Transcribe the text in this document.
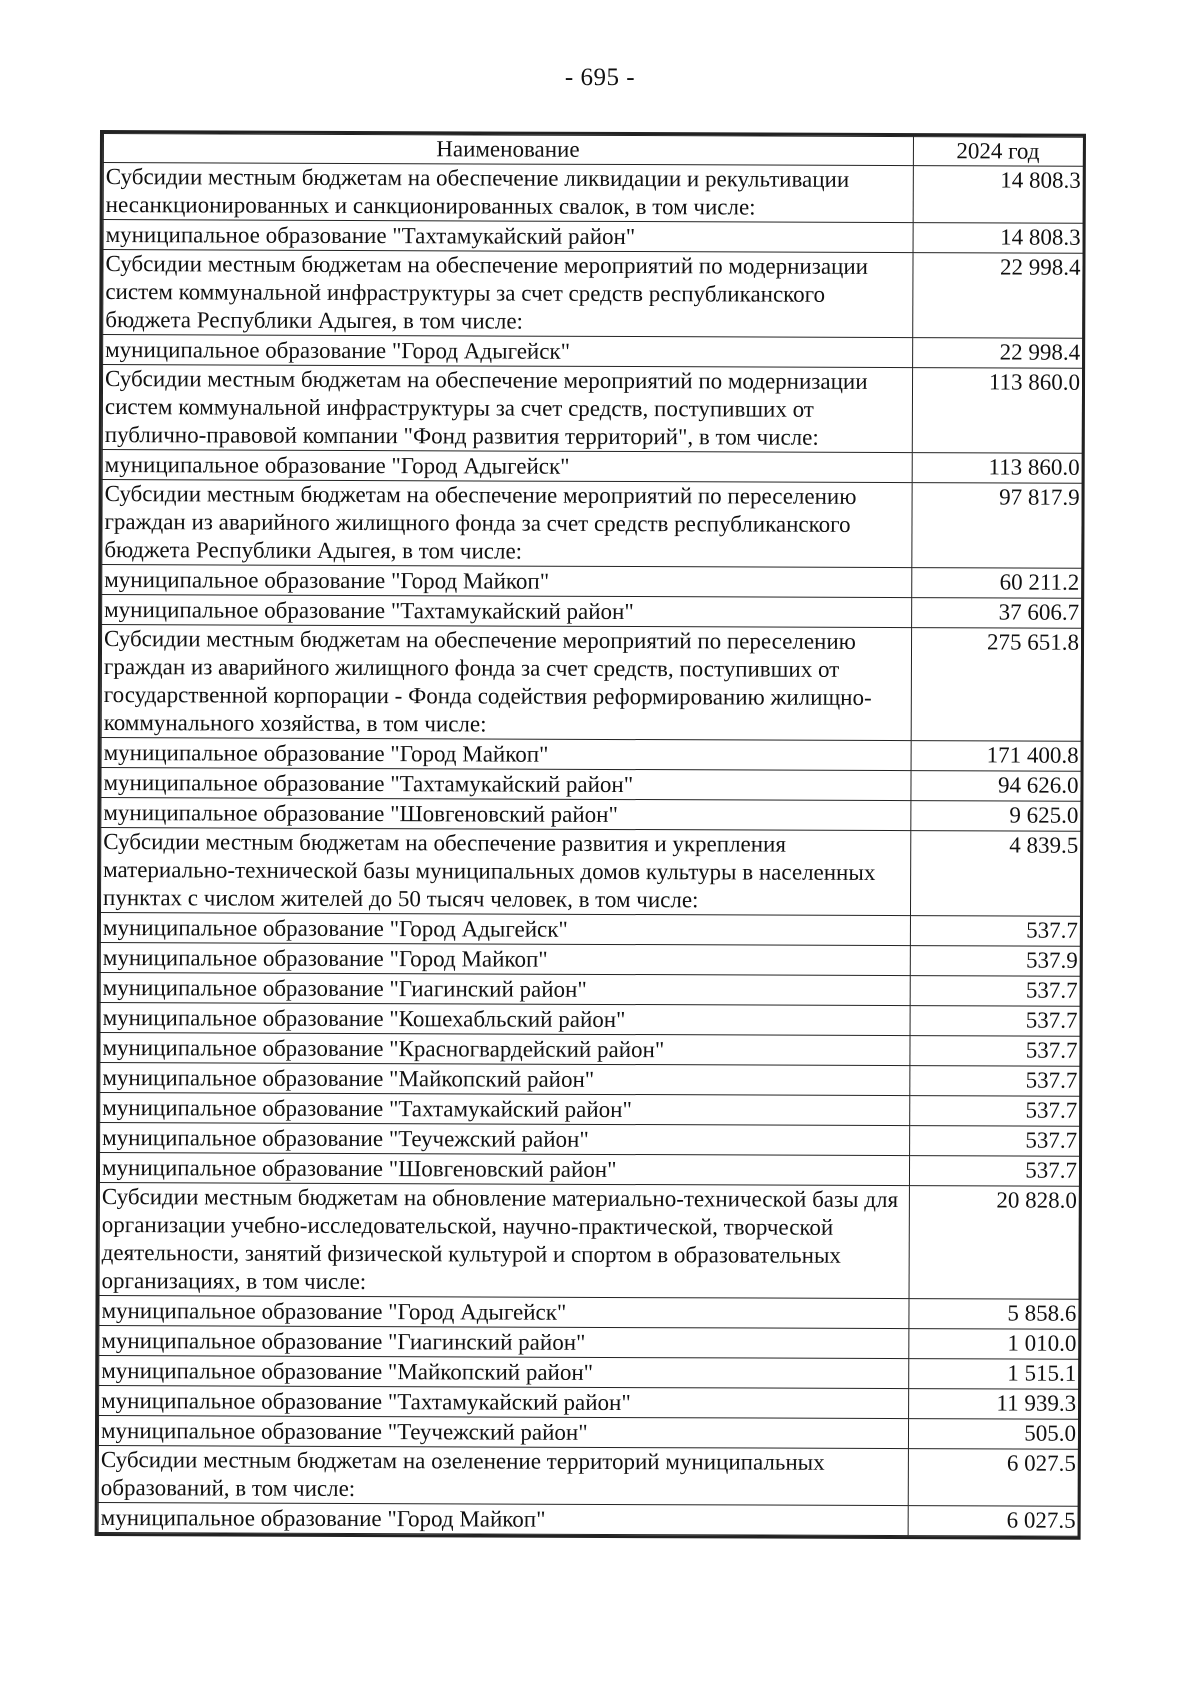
- 695 -
Наименование	2024 год
Субсидии местным бюджетам на обеспечение ликвидации и рекультивации несанкционированных и санкционированных свалок, в том числе:	14 808.3
муниципальное образование "Тахтамукайский район"	14 808.3
Субсидии местным бюджетам на обеспечение мероприятий по модернизации систем коммунальной инфраструктуры за счет средств республиканского бюджета Республики Адыгея, в том числе:	22 998.4
муниципальное образование "Город Адыгейск"	22 998.4
Субсидии местным бюджетам на обеспечение мероприятий по модернизации систем коммунальной инфраструктуры за счет средств, поступивших от публично-правовой компании "Фонд развития территорий", в том числе:	113 860.0
муниципальное образование "Город Адыгейск"	113 860.0
Субсидии местным бюджетам на обеспечение мероприятий по переселению граждан из аварийного жилищного фонда за счет средств республиканского бюджета Республики Адыгея, в том числе:	97 817.9
муниципальное образование "Город Майкоп"	60 211.2
муниципальное образование "Тахтамукайский район"	37 606.7
Субсидии местным бюджетам на обеспечение мероприятий по переселению граждан из аварийного жилищного фонда за счет средств, поступивших от государственной корпорации - Фонда содействия реформированию жилищно-коммунального хозяйства, в том числе:	275 651.8
муниципальное образование "Город Майкоп"	171 400.8
муниципальное образование "Тахтамукайский район"	94 626.0
муниципальное образование "Шовгеновский район"	9 625.0
Субсидии местным бюджетам на обеспечение развития и укрепления материально-технической базы муниципальных домов культуры в населенных пунктах с числом жителей до 50 тысяч человек, в том числе:	4 839.5
муниципальное образование "Город Адыгейск"	537.7
муниципальное образование "Город Майкоп"	537.9
муниципальное образование "Гиагинский район"	537.7
муниципальное образование "Кошехабльский район"	537.7
муниципальное образование "Красногвардейский район"	537.7
муниципальное образование "Майкопский район"	537.7
муниципальное образование "Тахтамукайский район"	537.7
муниципальное образование "Теучежский район"	537.7
муниципальное образование "Шовгеновский район"	537.7
Субсидии местным бюджетам на обновление материально-технической базы для организации учебно-исследовательской, научно-практической, творческой деятельности, занятий физической культурой и спортом в образовательных организациях, в том числе:	20 828.0
муниципальное образование "Город Адыгейск"	5 858.6
муниципальное образование "Гиагинский район"	1 010.0
муниципальное образование "Майкопский район"	1 515.1
муниципальное образование "Тахтамукайский район"	11 939.3
муниципальное образование "Теучежский район"	505.0
Субсидии местным бюджетам на озеленение территорий муниципальных образований, в том числе:	6 027.5
муниципальное образование "Город Майкоп"	6 027.5
